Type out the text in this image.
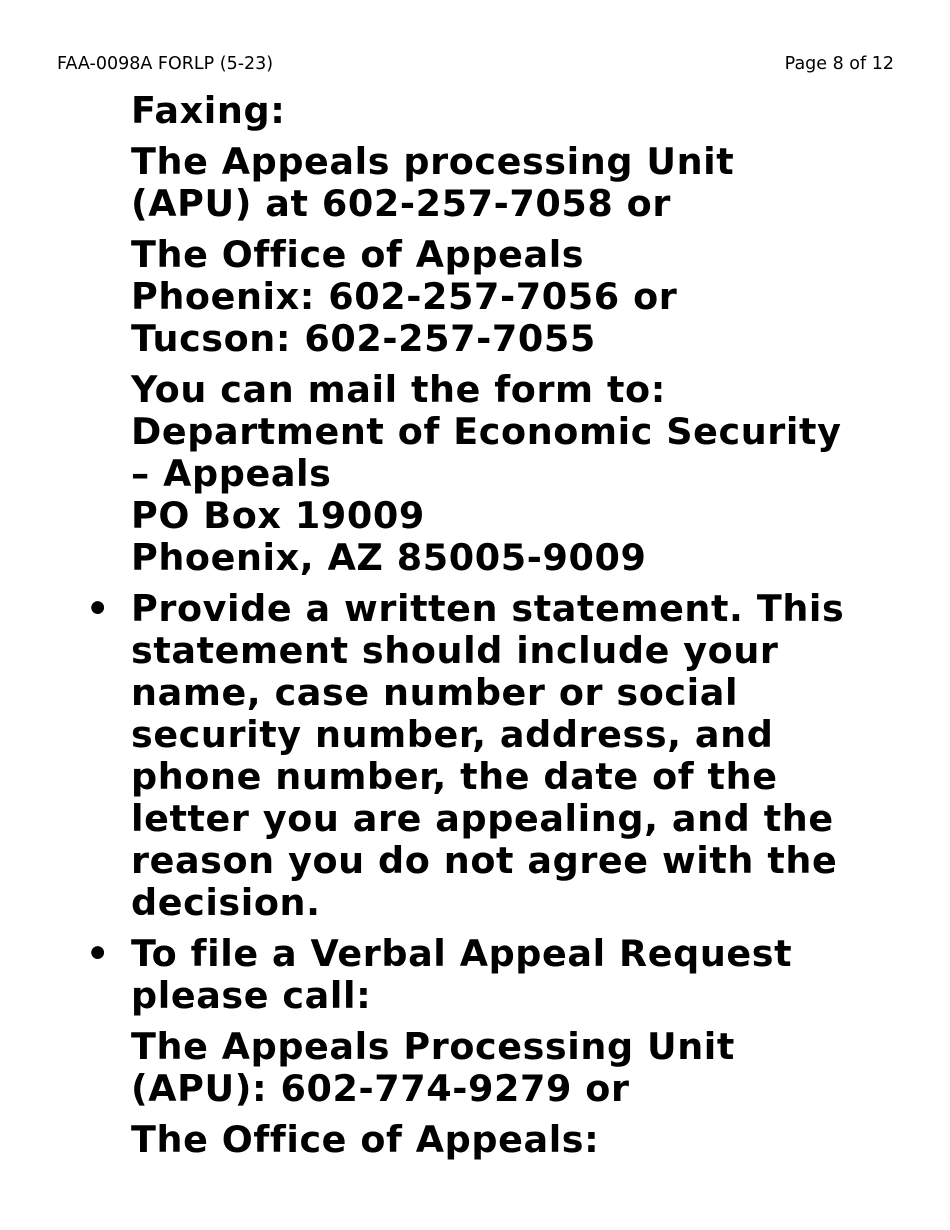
FAA-0098A FORLP (5-23)	Page 8 of 12
Faxing:
The Appeals processing Unit
(APU) at 602-257-7058 or
The Office of Appeals
Phoenix: 602-257-7056 or
Tucson: 602-257-7055
You can mail the form to:
Department of Economic Security
– Appeals
PO Box 19009
Phoenix, AZ 85005-9009
• Provide a written statement. This
statement should include your
name, case number or social
security number, address, and
phone number, the date of the
letter you are appealing, and the
reason you do not agree with the
decision.
• To file a Verbal Appeal Request
please call:
The Appeals Processing Unit
(APU): 602-774-9279 or
The Office of Appeals:
